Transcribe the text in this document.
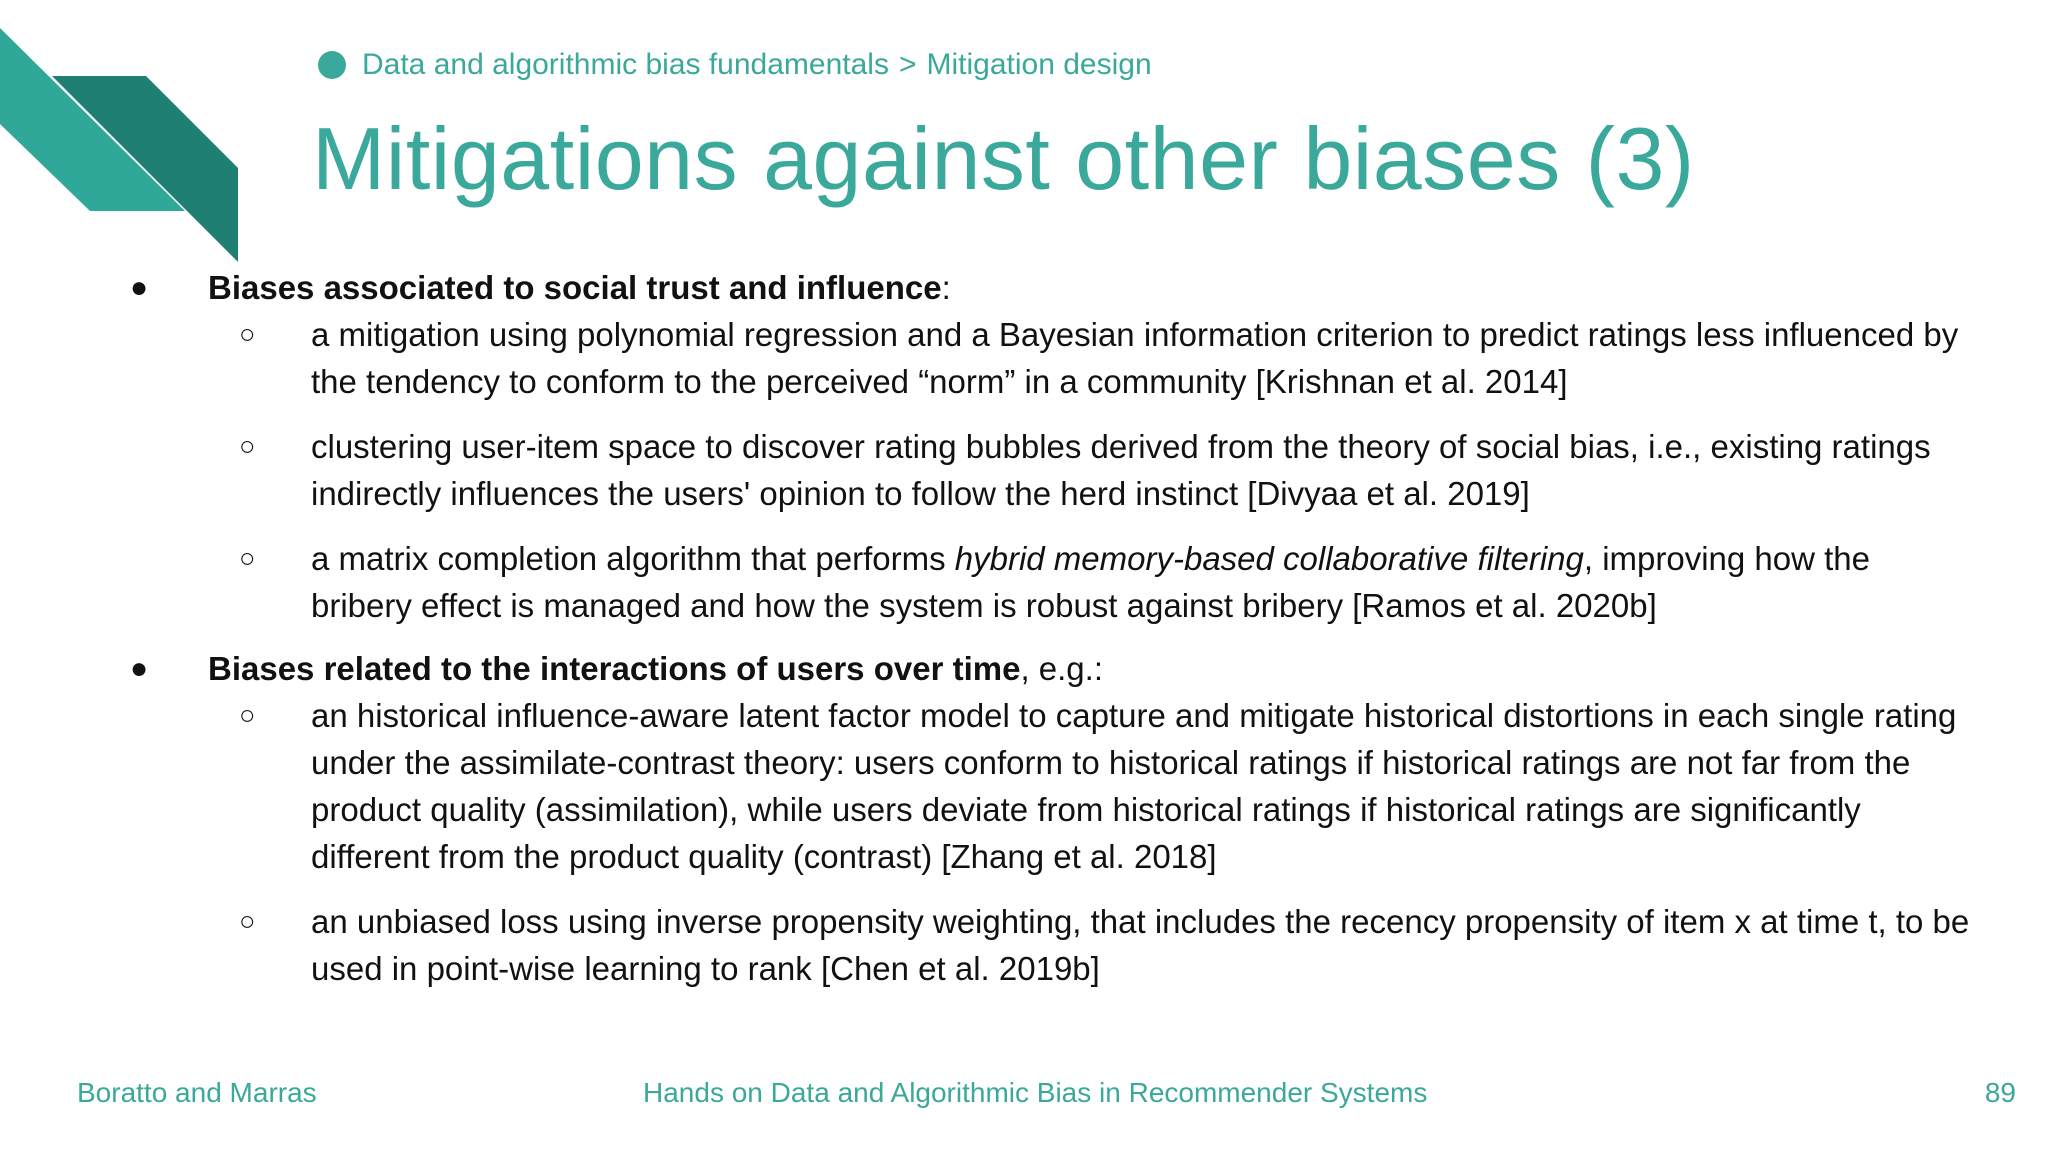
Data and algorithmic bias fundamentals > Mitigation design
Mitigations against other biases (3)
● Biases associated to social trust and influence:
○ a mitigation using polynomial regression and a Bayesian information criterion to predict ratings less influenced by the tendency to conform to the perceived “norm” in a community [Krishnan et al. 2014]
○ clustering user-item space to discover rating bubbles derived from the theory of social bias, i.e., existing ratings indirectly influences the users' opinion to follow the herd instinct [Divyaa et al. 2019]
○ a matrix completion algorithm that performs hybrid memory-based collaborative filtering, improving how the bribery effect is managed and how the system is robust against bribery [Ramos et al. 2020b]
● Biases related to the interactions of users over time, e.g.:
○ an historical influence-aware latent factor model to capture and mitigate historical distortions in each single rating under the assimilate-contrast theory: users conform to historical ratings if historical ratings are not far from the product quality (assimilation), while users deviate from historical ratings if historical ratings are significantly different from the product quality (contrast) [Zhang et al. 2018]
○ an unbiased loss using inverse propensity weighting, that includes the recency propensity of item x at time t, to be used in point-wise learning to rank [Chen et al. 2019b]
Boratto and Marras	Hands on Data and Algorithmic Bias in Recommender Systems	89
